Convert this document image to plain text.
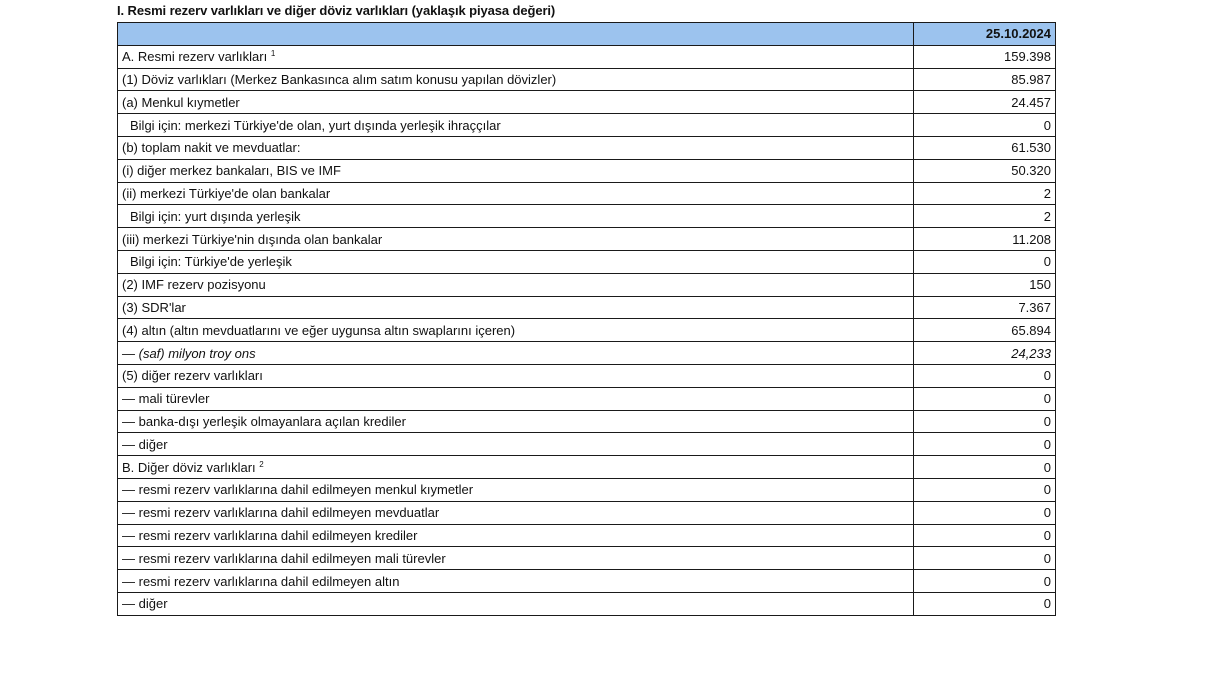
I. Resmi rezerv varlıkları ve diğer döviz varlıkları (yaklaşık piyasa değeri)
	25.10.2024
A. Resmi rezerv varlıkları $^1$	159.398
(1) Döviz varlıkları (Merkez Bankasınca alım satım konusu yapılan dövizler)	85.987
(a) Menkul kıymetler	24.457
Bilgi için: merkezi Türkiye'de olan, yurt dışında yerleşik ihraççılar	0
(b) toplam nakit ve mevduatlar:	61.530
(i) diğer merkez bankaları, BIS ve IMF	50.320
(ii) merkezi Türkiye'de olan bankalar	2
Bilgi için: yurt dışında yerleşik	2
(iii) merkezi Türkiye'nin dışında olan bankalar	11.208
Bilgi için: Türkiye'de yerleşik	0
(2) IMF rezerv pozisyonu	150
(3) SDR'lar	7.367
(4) altın (altın mevduatlarını ve eğer uygunsa altın swaplarını içeren)	65.894
— (saf) milyon troy ons	24,233
(5) diğer rezerv varlıkları	0
— mali türevler	0
— banka-dışı yerleşik olmayanlara açılan krediler	0
— diğer	0
B. Diğer döviz varlıkları $^2$	0
— resmi rezerv varlıklarına dahil edilmeyen menkul kıymetler	0
— resmi rezerv varlıklarına dahil edilmeyen mevduatlar	0
— resmi rezerv varlıklarına dahil edilmeyen krediler	0
— resmi rezerv varlıklarına dahil edilmeyen mali türevler	0
— resmi rezerv varlıklarına dahil edilmeyen altın	0
— diğer	0
